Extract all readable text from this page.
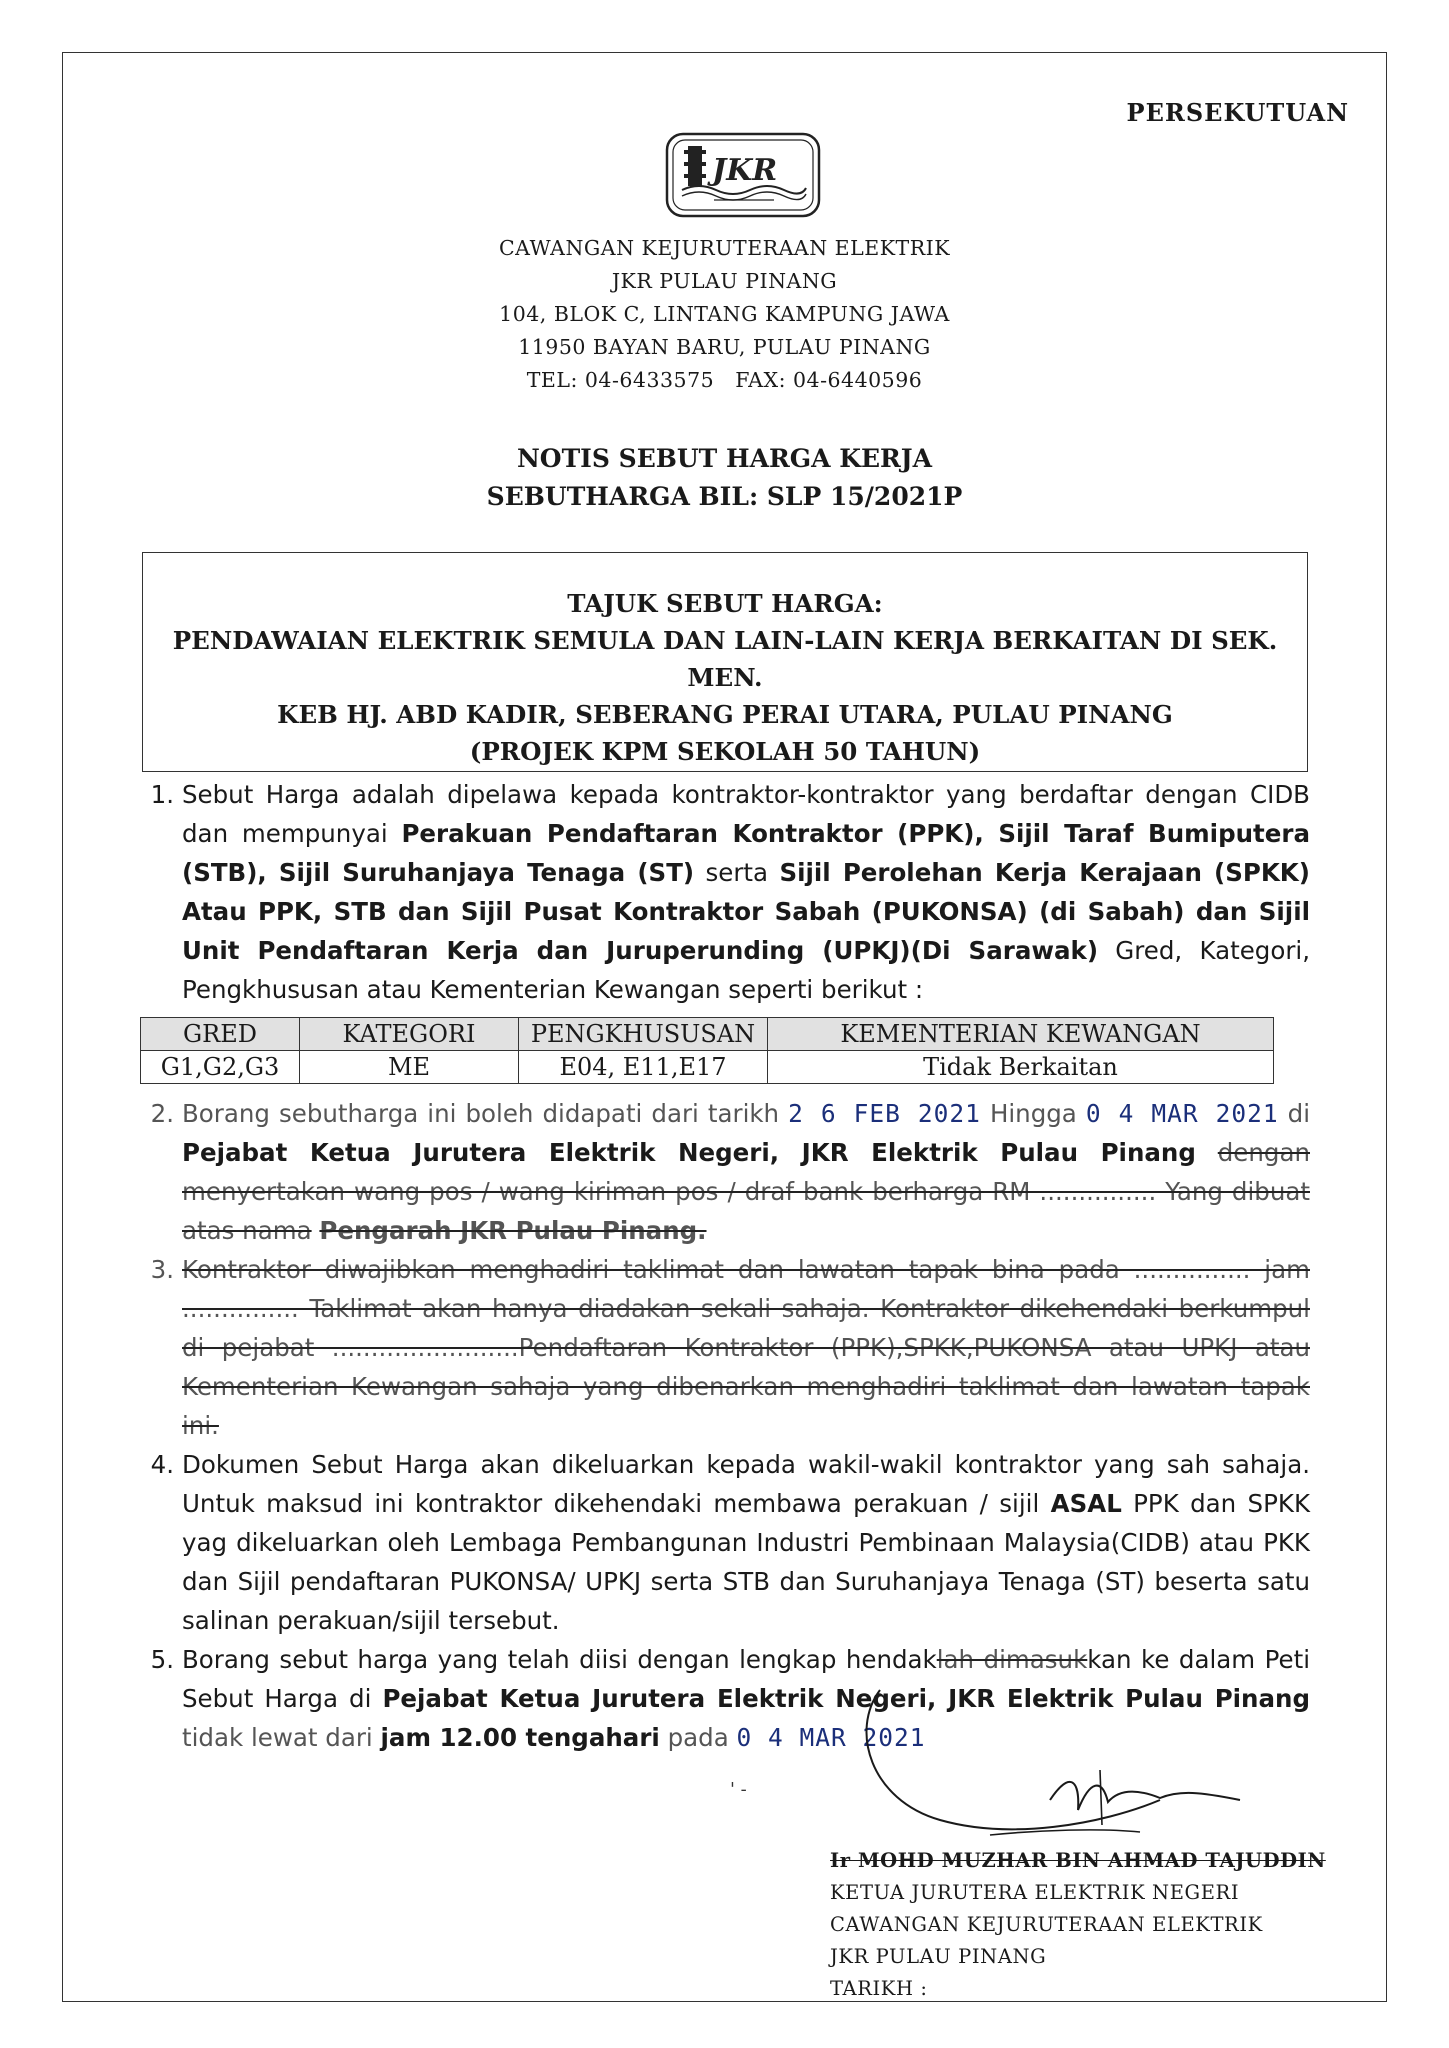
PERSEKUTUAN
JKR
CAWANGAN KEJURUTERAAN ELEKTRIK
JKR PULAU PINANG
104, BLOK C, LINTANG KAMPUNG JAWA
11950 BAYAN BARU, PULAU PINANG
TEL: 04-6433575   FAX: 04-6440596
NOTIS SEBUT HARGA KERJA
SEBUTHARGA BIL: SLP 15/2021P
TAJUK SEBUT HARGA:
PENDAWAIAN ELEKTRIK SEMULA DAN LAIN-LAIN KERJA BERKAITAN DI SEK. MEN.
KEB HJ. ABD KADIR, SEBERANG PERAI UTARA, PULAU PINANG
(PROJEK KPM SEKOLAH 50 TAHUN)
1. Sebut Harga adalah dipelawa kepada kontraktor-kontraktor yang berdaftar dengan CIDB dan mempunyai Perakuan Pendaftaran Kontraktor (PPK), Sijil Taraf Bumiputera (STB), Sijil Suruhanjaya Tenaga (ST) serta Sijil Perolehan Kerja Kerajaan (SPKK) Atau PPK, STB dan Sijil Pusat Kontraktor Sabah (PUKONSA) (di Sabah) dan Sijil Unit Pendaftaran Kerja dan Juruperunding (UPKJ)(Di Sarawak) Gred, Kategori, Pengkhususan atau Kementerian Kewangan seperti berikut :
GRED	KATEGORI	PENGKHUSUSAN	KEMENTERIAN KEWANGAN
G1,G2,G3	ME	E04, E11,E17	Tidak Berkaitan
2. Borang sebutharga ini boleh didapati dari tarikh 2 6 FEB 2021 Hingga 0 4 MAR 2021 di Pejabat Ketua Jurutera Elektrik Negeri, JKR Elektrik Pulau Pinang dengan menyertakan wang pos / wang kiriman pos / draf bank berharga RM ............... Yang dibuat atas nama Pengarah JKR Pulau Pinang.
3. Kontraktor diwajibkan menghadiri taklimat dan lawatan tapak bina pada ............... jam ............... Taklimat akan hanya diadakan sekali sahaja. Kontraktor dikehendaki berkumpul di pejabat ........................Pendaftaran Kontraktor (PPK),SPKK,PUKONSA atau UPKJ atau Kementerian Kewangan sahaja yang dibenarkan menghadiri taklimat dan lawatan tapak ini.
4. Dokumen Sebut Harga akan dikeluarkan kepada wakil-wakil kontraktor yang sah sahaja. Untuk maksud ini kontraktor dikehendaki membawa perakuan / sijil ASAL PPK dan SPKK yag dikeluarkan oleh Lembaga Pembangunan Industri Pembinaan Malaysia(CIDB) atau PKK dan Sijil pendaftaran PUKONSA/ UPKJ serta STB dan Suruhanjaya Tenaga (ST) beserta satu salinan perakuan/sijil tersebut.
5. Borang sebut harga yang telah diisi dengan lengkap hendaklah dimasukkan ke dalam Peti Sebut Harga di Pejabat Ketua Jurutera Elektrik Negeri, JKR Elektrik Pulau Pinang tidak lewat dari jam 12.00 tengahari pada 0 4 MAR 2021
' -
Ir MOHD MUZHAR BIN AHMAD TAJUDDIN
KETUA JURUTERA ELEKTRIK NEGERI
CAWANGAN KEJURUTERAAN ELEKTRIK
JKR PULAU PINANG
TARIKH :
